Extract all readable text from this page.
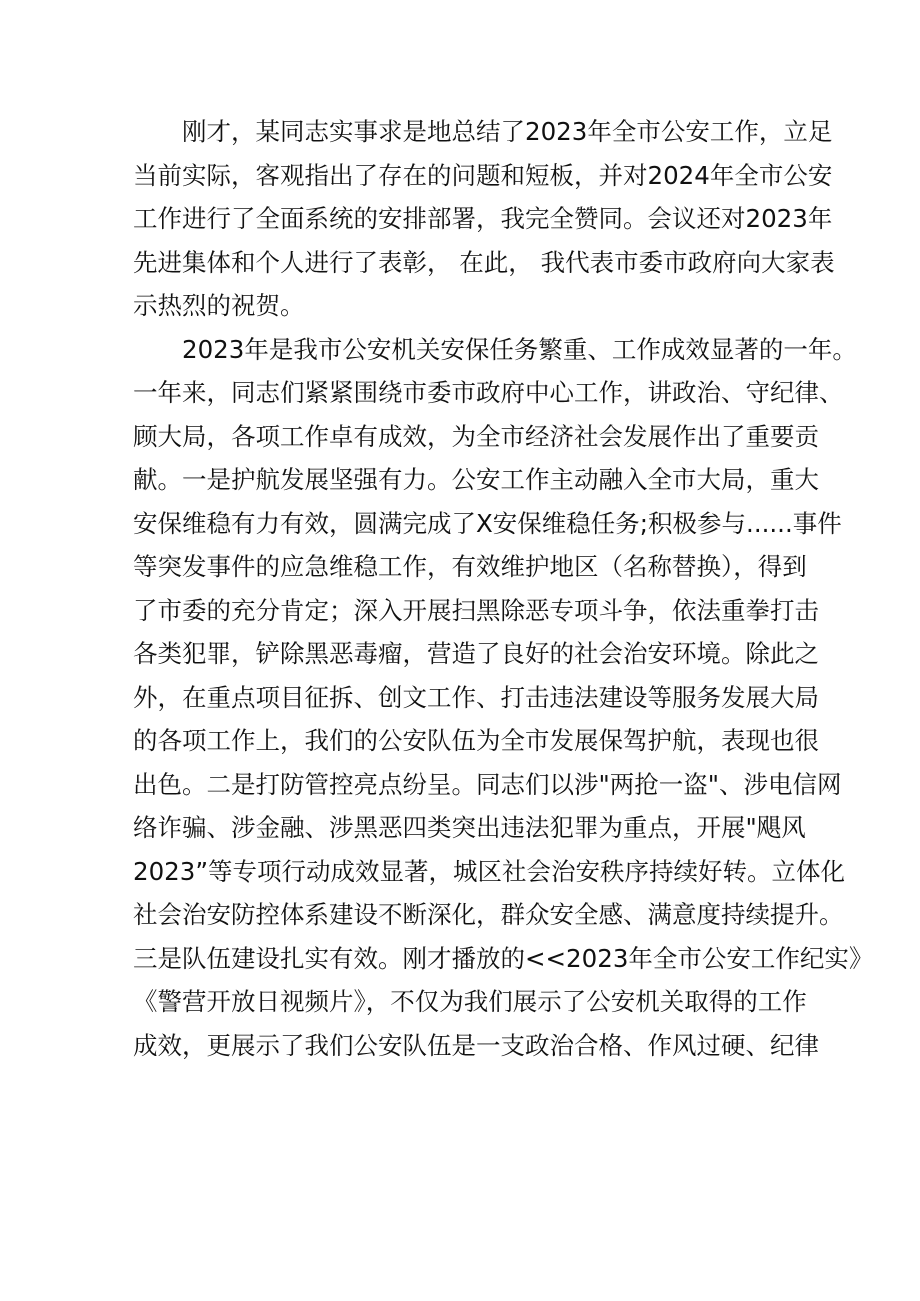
刚才，某同志实事求是地总结了2023年全市公安工作，立足
当前实际，客观指出了存在的问题和短板，并对2024年全市公安
工作进行了全面系统的安排部署，我完全赞同。会议还对2023年
先进集体和个人进行了表彰， 在此， 我代表市委市政府向大家表
示热烈的祝贺。
2023年是我市公安机关安保任务繁重、工作成效显著的一年。
一年来，同志们紧紧围绕市委市政府中心工作，讲政治、守纪律、
顾大局，各项工作卓有成效，为全市经济社会发展作出了重要贡
献。一是护航发展坚强有力。公安工作主动融入全市大局，重大
安保维稳有力有效，圆满完成了X安保维稳任务;积极参与......事件
等突发事件的应急维稳工作，有效维护地区（名称替换），得到
了市委的充分肯定；深入开展扫黑除恶专项斗争，依法重拳打击
各类犯罪，铲除黑恶毒瘤，营造了良好的社会治安环境。除此之
外，在重点项目征拆、创文工作、打击违法建设等服务发展大局
的各项工作上，我们的公安队伍为全市发展保驾护航，表现也很
出色。二是打防管控亮点纷呈。同志们以涉"两抢一盗"、涉电信网
络诈骗、涉金融、涉黑恶四类突出违法犯罪为重点，开展"飓风
2023”等专项行动成效显著，城区社会治安秩序持续好转。立体化
社会治安防控体系建设不断深化，群众安全感、满意度持续提升。
三是队伍建设扎实有效。刚才播放的<<2023年全市公安工作纪实》
《警营开放日视频片》，不仅为我们展示了公安机关取得的工作
成效，更展示了我们公安队伍是一支政治合格、作风过硬、纪律
